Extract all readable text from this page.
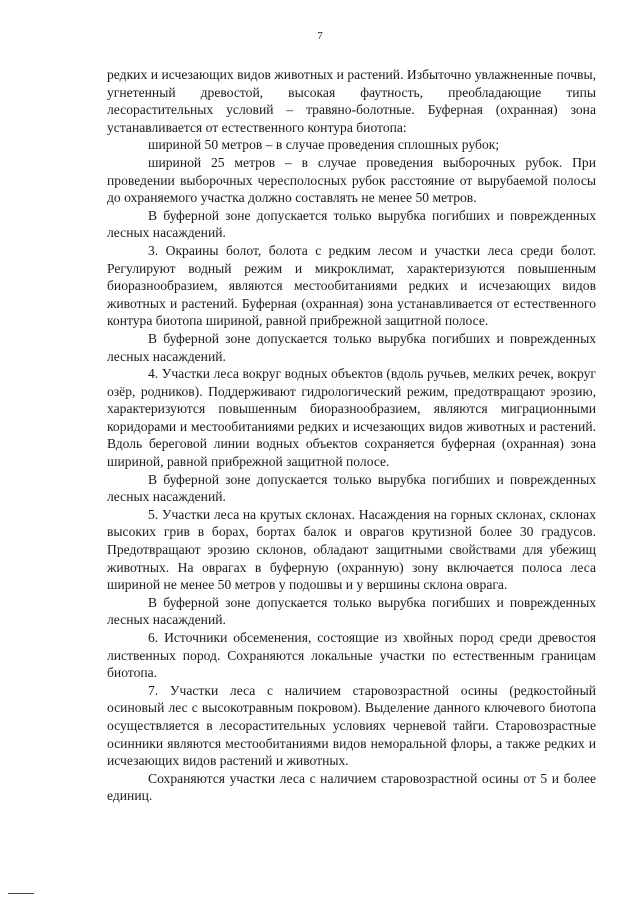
7

редких и исчезающих видов животных и растений. Избыточно увлажненные почвы, угнетенный древостой, высокая фаутность, преобладающие типы лесорастительных условий – травяно-болотные. Буферная (охранная) зона устанавливается от естественного контура биотопа:

шириной 50 метров – в случае проведения сплошных рубок;

шириной 25 метров – в случае проведения выборочных рубок. При проведении выборочных чересполосных рубок расстояние от вырубаемой полосы до охраняемого участка должно составлять не менее 50 метров.

В буферной зоне допускается только вырубка погибших и поврежденных лесных насаждений.

3. Окраины болот, болота с редким лесом и участки леса среди болот. Регулируют водный режим и микроклимат, характеризуются повышенным биоразнообразием, являются местообитаниями редких и исчезающих видов животных и растений. Буферная (охранная) зона устанавливается от естественного контура биотопа шириной, равной прибрежной защитной полосе.

В буферной зоне допускается только вырубка погибших и поврежденных лесных насаждений.

4. Участки леса вокруг водных объектов (вдоль ручьев, мелких речек, вокруг озёр, родников). Поддерживают гидрологический режим, предотвращают эрозию, характеризуются повышенным биоразнообразием, являются миграционными коридорами и местообитаниями редких и исчезающих видов животных и растений. Вдоль береговой линии водных объектов сохраняется буферная (охранная) зона шириной, равной прибрежной защитной полосе.

В буферной зоне допускается только вырубка погибших и поврежденных лесных насаждений.

5. Участки леса на крутых склонах. Насаждения на горных склонах, склонах высоких грив в борах, бортах балок и оврагов крутизной более 30 градусов. Предотвращают эрозию склонов, обладают защитными свойствами для убежищ животных. На оврагах в буферную (охранную) зону включается полоса леса шириной не менее 50 метров у подошвы и у вершины склона оврага.

В буферной зоне допускается только вырубка погибших и поврежденных лесных насаждений.

6. Источники обсеменения, состоящие из хвойных пород среди древостоя лиственных пород. Сохраняются локальные участки по естественным границам биотопа.

7. Участки леса с наличием старовозрастной осины (редкостойный осиновый лес с высокотравным покровом). Выделение данного ключевого биотопа осуществляется в лесорастительных условиях черневой тайги. Старовозрастные осинники являются местообитаниями видов неморальной флоры, а также редких и исчезающих видов растений и животных.

Сохраняются участки леса с наличием старовозрастной осины от 5 и более единиц.
